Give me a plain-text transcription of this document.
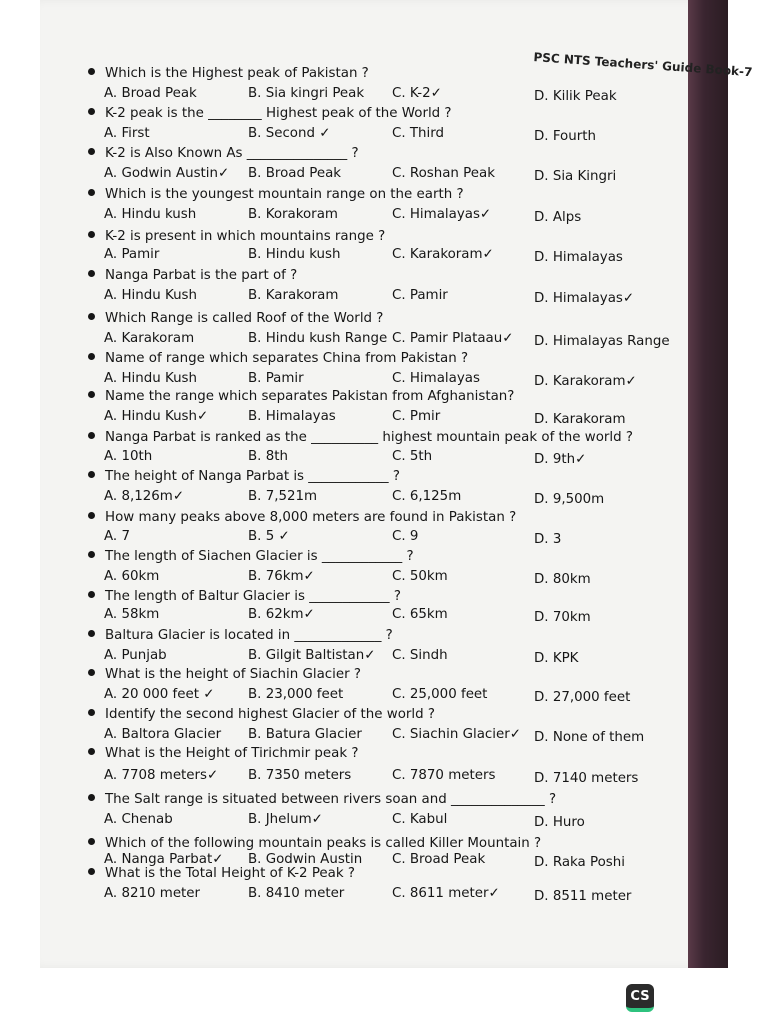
PSC NTS Teachers' Guide Book-7
Which is the Highest peak of Pakistan ?
A. Broad Peak	B. Sia kingri Peak C. K-2✓	D. Kilik Peak
K-2 peak is the ________ Highest peak of the World ?
A. First	B. Second ✓	C. Third	D. Fourth
K-2 is Also Known As _______________ ?
A. Godwin Austin✓ B. Broad Peak	C. Roshan Peak	D. Sia Kingri
Which is the youngest mountain range on the earth ?
A. Hindu kush	B. Korakoram	C. Himalayas✓	D. Alps
K-2 is present in which mountains range ?
A. Pamir	B. Hindu kush	C. Karakoram✓	D. Himalayas
Nanga Parbat is the part of ?
A. Hindu Kush	B. Karakoram	C. Pamir	D. Himalayas✓
Which Range is called Roof of the World ?
A. Karakoram	B. Hindu kush Range C. Pamir Plataau✓ D. Himalayas Range
Name of range which separates China from Pakistan ?
A. Hindu Kush	B. Pamir	C. Himalayas	D. Karakoram✓
Name the range which separates Pakistan from Afghanistan?
A. Hindu Kush✓	B. Himalayas	C. Pmir	D. Karakoram
Nanga Parbat is ranked as the __________ highest mountain peak of the world ?
A. 10th	B. 8th	C. 5th	D. 9th✓
The height of Nanga Parbat is ____________ ?
A. 8,126m✓	B. 7,521m	C. 6,125m	D. 9,500m
How many peaks above 8,000 meters are found in Pakistan ?
A. 7	B. 5 ✓	C. 9	D. 3
The length of Siachen Glacier is ____________ ?
A. 60km	B. 76km✓	C. 50km	D. 80km
The length of Baltur Glacier is ____________ ?
A. 58km	B. 62km✓	C. 65km	D. 70km
Baltura Glacier is located in _____________ ?
A. Punjab	B. Gilgit Baltistan✓ C. Sindh	D. KPK
What is the height of Siachin Glacier ?
A. 20 000 feet ✓	B. 23,000 feet	C. 25,000 feet	D. 27,000 feet
Identify the second highest Glacier of the world ?
A. Baltora Glacier B. Batura Glacier C. Siachin Glacier✓ D. None of them
What is the Height of Tirichmir peak ?
A. 7708 meters✓ B. 7350 meters	C. 7870 meters	D. 7140 meters
The Salt range is situated between rivers soan and ______________ ?
A. Chenab	B. Jhelum✓	C. Kabul	D. Huro
Which of the following mountain peaks is called Killer Mountain ?
A. Nanga Parbat✓ B. Godwin Austin C. Broad Peak	D. Raka Poshi
What is the Total Height of K-2 Peak ?
A. 8210 meter	B. 8410 meter	C. 8611 meter✓	D. 8511 meter
CS
